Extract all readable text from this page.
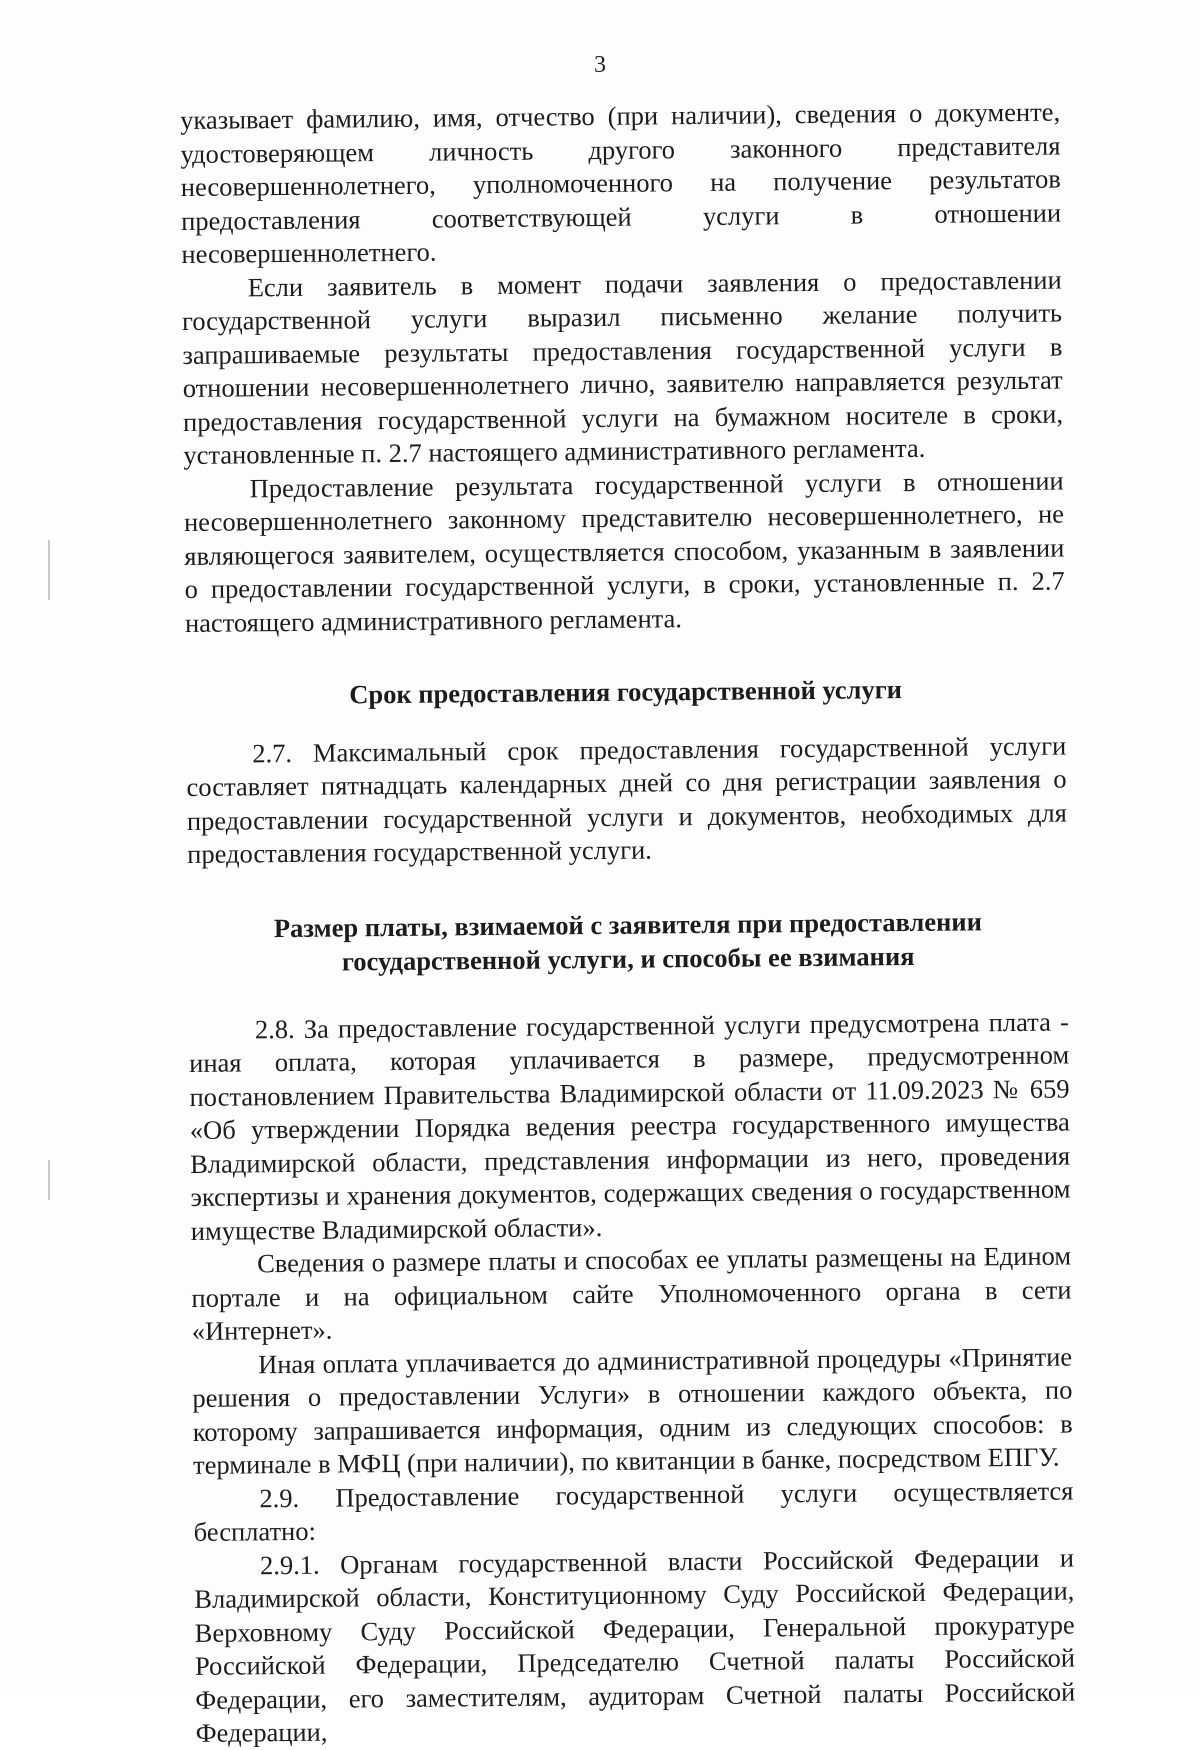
3

указывает фамилию, имя, отчество (при наличии), сведения о документе, удостоверяющем личность другого законного представителя несовершеннолетнего, уполномоченного на получение результатов предоставления соответствующей услуги в отношении несовершеннолетнего.

Если заявитель в момент подачи заявления о предоставлении государственной услуги выразил письменно желание получить запрашиваемые результаты предоставления государственной услуги в отношении несовершеннолетнего лично, заявителю направляется результат предоставления государственной услуги на бумажном носителе в сроки, установленные п. 2.7 настоящего административного регламента.

Предоставление результата государственной услуги в отношении несовершеннолетнего законному представителю несовершеннолетнего, не являющегося заявителем, осуществляется способом, указанным в заявлении о предоставлении государственной услуги, в сроки, установленные п. 2.7 настоящего административного регламента.

Срок предоставления государственной услуги

2.7. Максимальный срок предоставления государственной услуги составляет пятнадцать календарных дней со дня регистрации заявления о предоставлении государственной услуги и документов, необходимых для предоставления государственной услуги.

Размер платы, взимаемой с заявителя при предоставлении
государственной услуги, и способы ее взимания

2.8. За предоставление государственной услуги предусмотрена плата - иная оплата, которая уплачивается в размере, предусмотренном постановлением Правительства Владимирской области от 11.09.2023 № 659 «Об утверждении Порядка ведения реестра государственного имущества Владимирской области, представления информации из него, проведения экспертизы и хранения документов, содержащих сведения о государственном имуществе Владимирской области».

Сведения о размере платы и способах ее уплаты размещены на Едином портале и на официальном сайте Уполномоченного органа в сети «Интернет».

Иная оплата уплачивается до административной процедуры «Принятие решения о предоставлении Услуги» в отношении каждого объекта, по которому запрашивается информация, одним из следующих способов: в терминале в МФЦ (при наличии), по квитанции в банке, посредством ЕПГУ.

2.9. Предоставление государственной услуги осуществляется бесплатно:

2.9.1. Органам государственной власти Российской Федерации и Владимирской области, Конституционному Суду Российской Федерации, Верховному Суду Российской Федерации, Генеральной прокуратуре Российской Федерации, Председателю Счетной палаты Российской Федерации, его заместителям, аудиторам Счетной палаты Российской Федерации,
